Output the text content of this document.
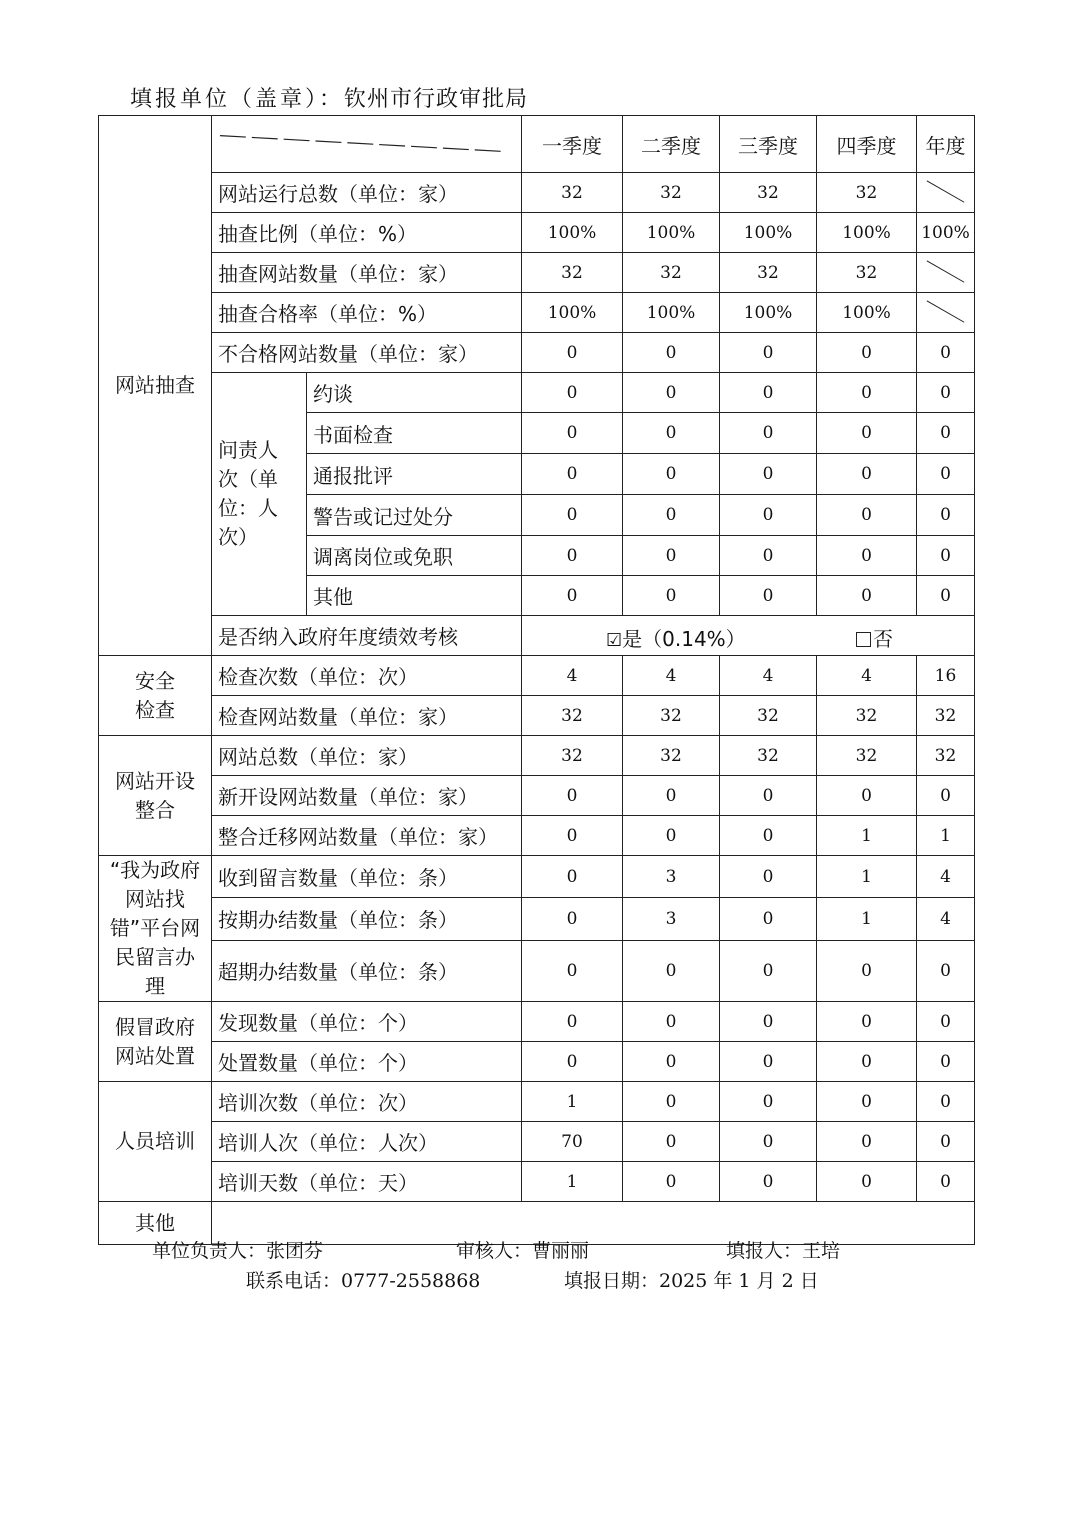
填报单位（盖章）：钦州市行政审批局
网站抽查			一季度	二季度	三季度	四季度	年度
	网站运行总数（单位：家）		32	32	32	32	

	抽查比例（单位：%）		100%	100%	100%	100%	100%
	抽查网站数量（单位：家）		32	32	32	32	

	抽查合格率（单位：%）		100%	100%	100%	100%	

	不合格网站数量（单位：家）		0	0	0	0	0

	问责人次（单位：人次）	约谈	0	0	0	0	0
		书面检查	0	0	0	0	0
		通报批评	0	0	0	0	0
		警告或记过处分	0	0	0	0	0
		调离岗位或免职	0	0	0	0	0
		其他	0	0	0	0	0
	是否纳入政府年度绩效考核		☑是（0.14%） 否				

安全检查	检查次数（单位：次）		4	4	4	4	16
	检查网站数量（单位：家）		32	32	32	32	32

网站开设整合	网站总数（单位：家）		32	32	32	32	32
	新开设网站数量（单位：家）		0	0	0	0	0
	整合迁移网站数量（单位：家）		0	0	0	1	1

“我为政府网站找错”平台网民留言办理	收到留言数量（单位：条）		0	3	0	1	4
	按期办结数量（单位：条）		0	3	0	1	4
	超期办结数量（单位：条）		0	0	0	0	0

假冒政府网站处置	发现数量（单位：个）		0	0	0	0	0
	处置数量（单位：个）		0	0	0	0	0
人员培训	培训次数（单位：次）		1	0	0	0	0
	培训人次（单位：人次）		70	0	0	0	0
	培训天数（单位：天）		1	0	0	0	0
其他							
单位负责人：张团芬	审核人：曹丽丽	填报人：王培
联系电话：0777-2558868	填报日期：2025 年 1 月 2 日
